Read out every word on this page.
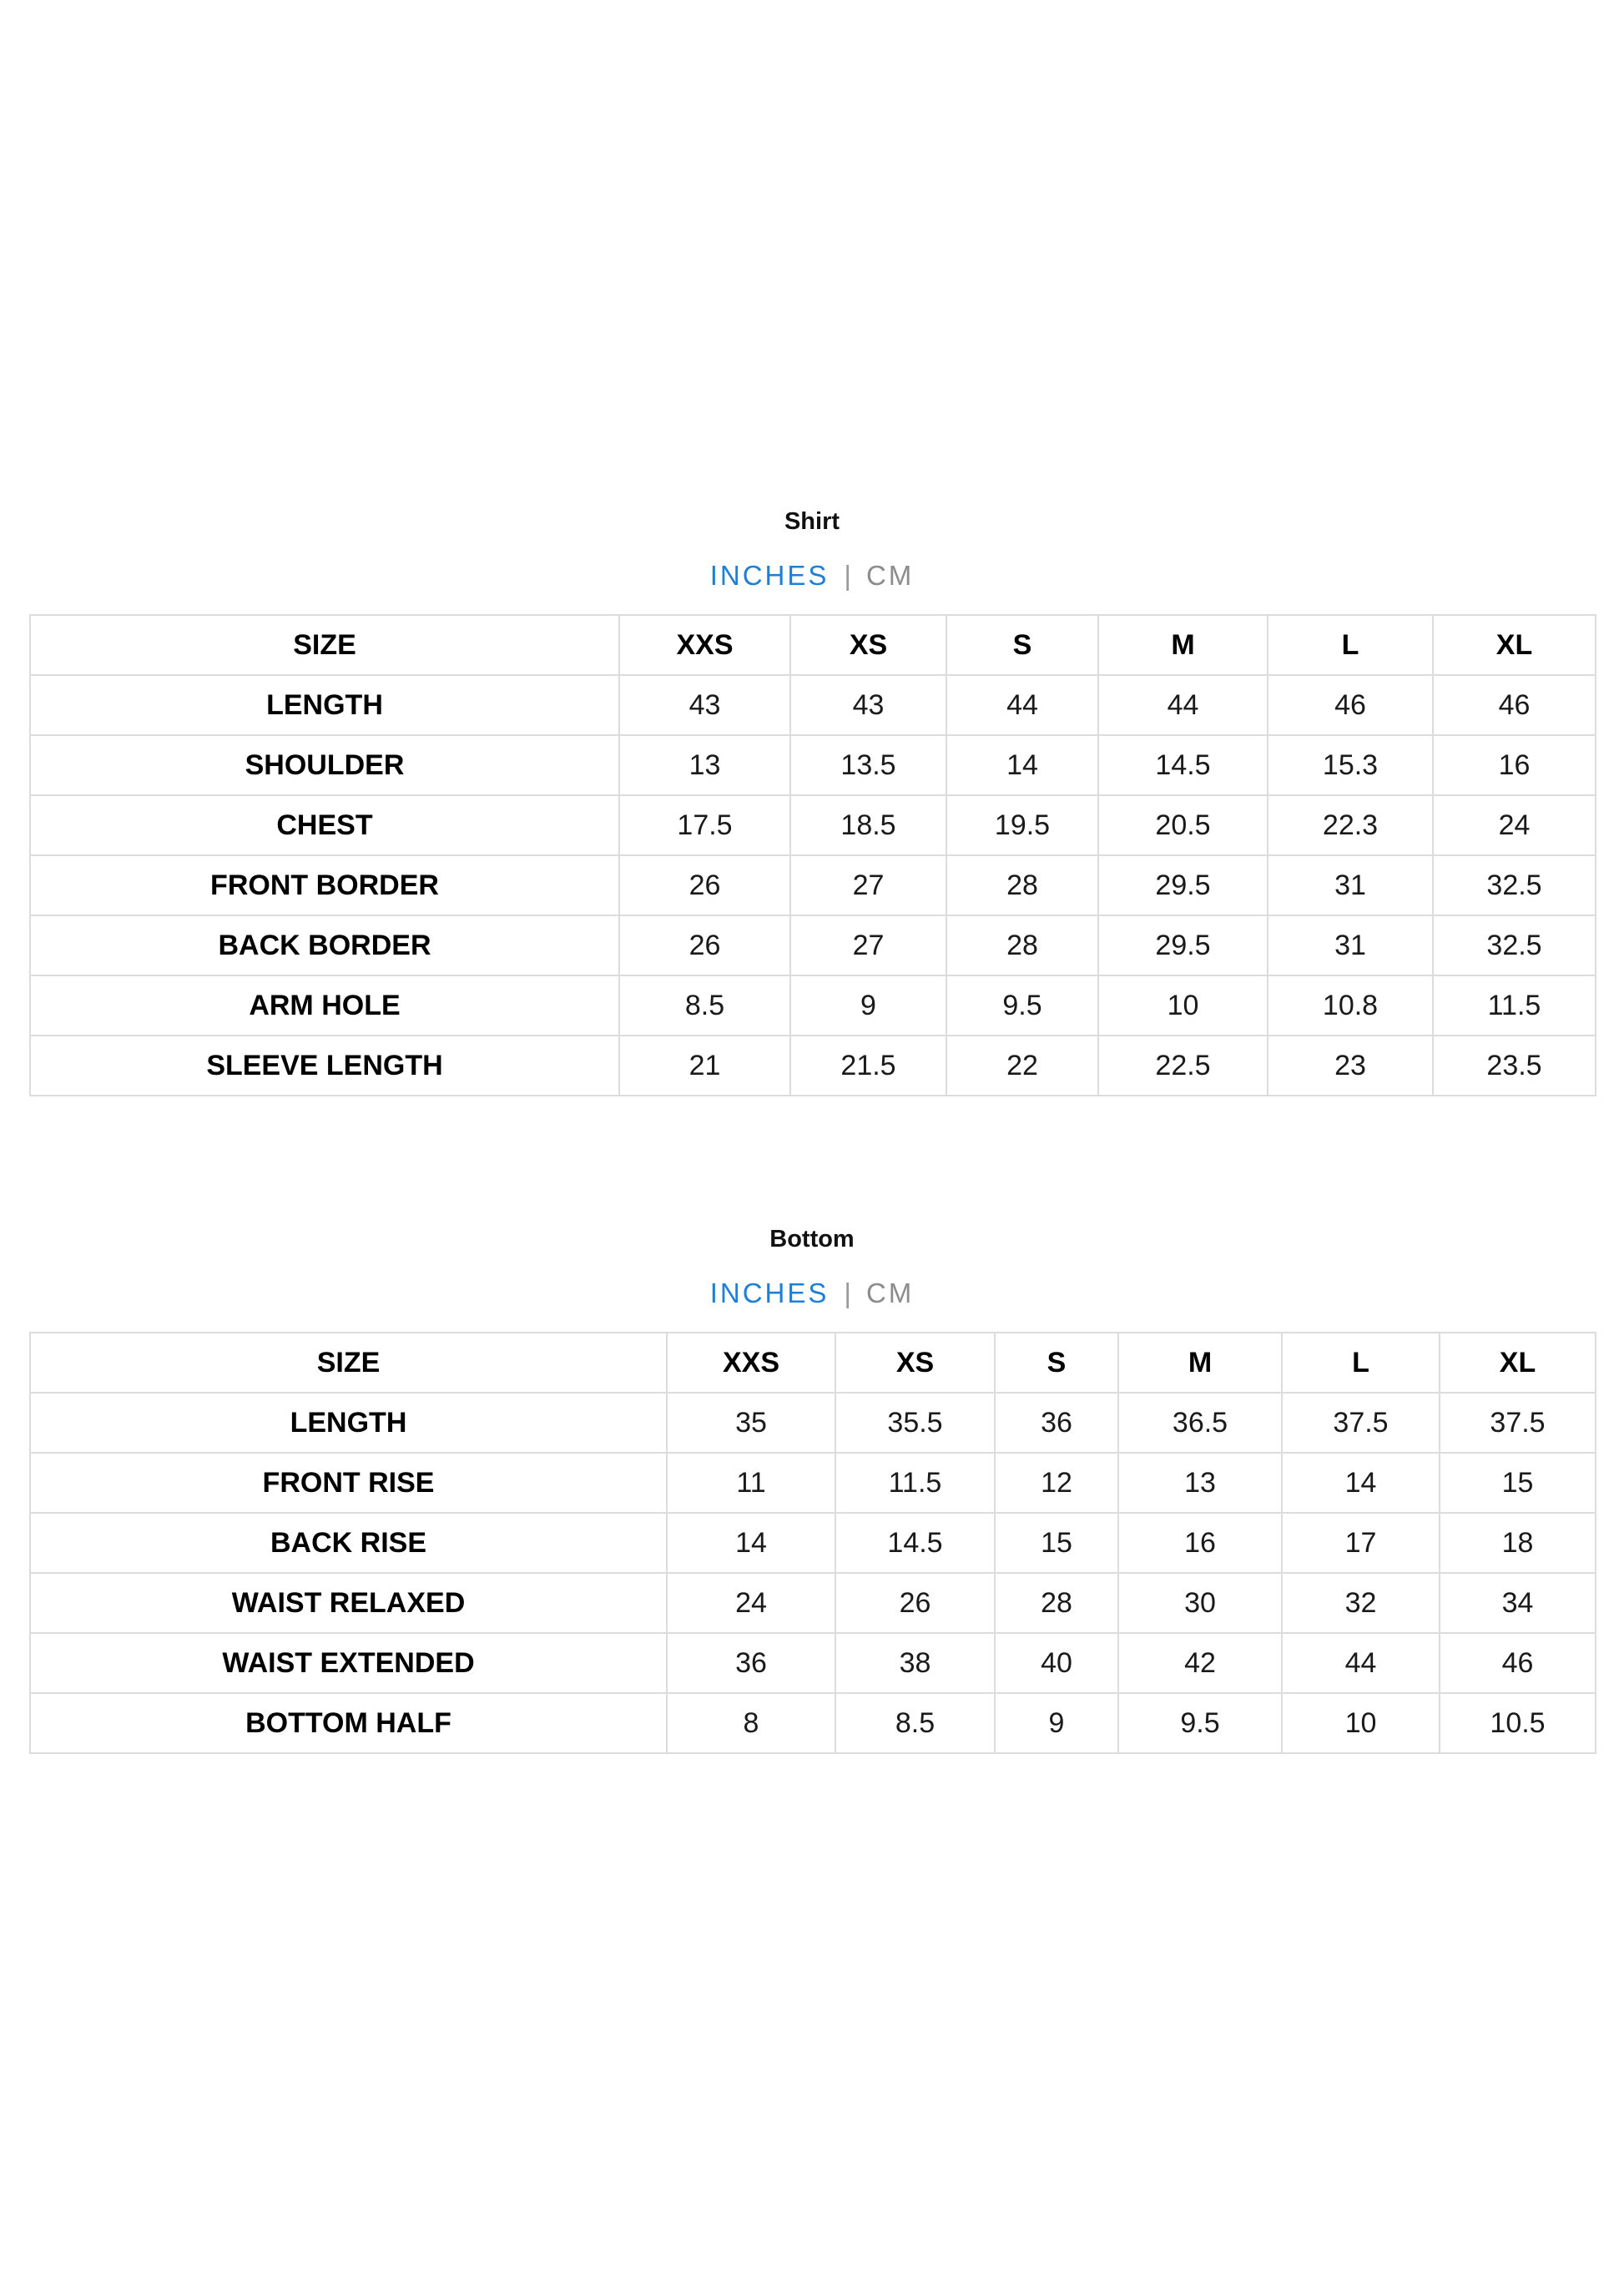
Shirt
INCHES | CM
SIZE	XXS	XS	S	M	L	XL
LENGTH	43	43	44	44	46	46
SHOULDER	13	13.5	14	14.5	15.3	16
CHEST	17.5	18.5	19.5	20.5	22.3	24
FRONT BORDER	26	27	28	29.5	31	32.5
BACK BORDER	26	27	28	29.5	31	32.5
ARM HOLE	8.5	9	9.5	10	10.8	11.5
SLEEVE LENGTH	21	21.5	22	22.5	23	23.5
Bottom
INCHES | CM
SIZE	XXS	XS	S	M	L	XL
LENGTH	35	35.5	36	36.5	37.5	37.5
FRONT RISE	11	11.5	12	13	14	15
BACK RISE	14	14.5	15	16	17	18
WAIST RELAXED	24	26	28	30	32	34
WAIST EXTENDED	36	38	40	42	44	46
BOTTOM HALF	8	8.5	9	9.5	10	10.5
